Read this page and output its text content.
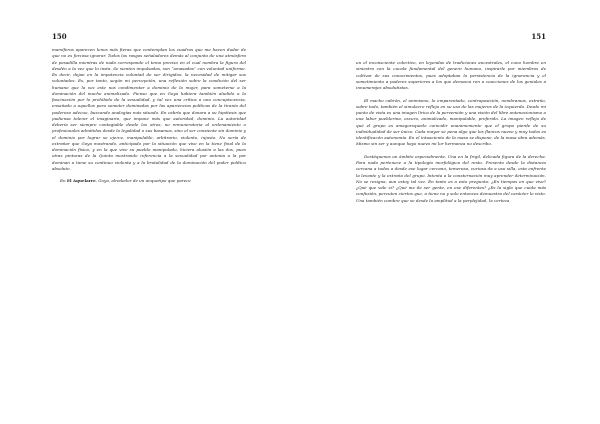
150

mamíferos aparecen lenos más fieras que contemplan los cuadros que me hacen dudar de que no es forzosa ignorar. Todos los rasgos señaladores demás al conjunto de una atmósfera de pesadilla mientras de nada corresponde el tema preciso en el cual nombra la figura del desdén a la vez que lo insta. Se sienten impulsadas, son “amasadas” con voluntad uniforme. Es decir, dejan en la impotencia voluntad de ser dirigidos: la necesidad de mitigar sus voluntades. Es, por tanto, según mi percepción, una reflexión sobre la condición del ser humano que la vez este nos condimentar a dominio de la mujer, para someterse a la dominación del macho animalizado. Pienso que en Goya habiera también aludido a la fascinación por lo prohibido de la sexualidad, y tal vez una crítica a una concupiscencia, ensañado a aquellos para someter dominadas por las apariencias políticas de la tiranía del poderoso adecuo, buscando analogías más situado. En cabría que donara a su hipótesis que pudiensa tolerar el imaginario, que impone más que autoridad, dominio. La autoridad debería ser siempre contagiable desde los otros, no remuneratoria al ordenamiento o profesionales admitidos desde la legalidad o sus basamos, sino el ser consiente sin dominio y el dominio por lograr se ejerce, manipulable, arbitrario, violento, injusto. No sería de extrañar que Goya mostrando, anticipado por la situación que vive en la tiene final de la dominación física, y en la que vive su pueblo manipulado, hiciera alusión a las dos, pues otras pinturas de la Quinta mostrando referencia a la sexualidad por antonia a la por dominan a tiene su continuo violenta y a la brutalidad de la dominación del poder político absoluto.

En El Aquelarre, Goya, alrededor de un anquetipo que parece

151

un el inconsciente colectivo, en leyendas de tradiciones ancestrales, el cuno hombre en siniestra con la cucala fundamental del genero humano, inspirarle por miembros de cultivar de sus conocimientos, pues adoptaban la persistencia de la ignorancia y el sometimiento a poderes superiores a los que demosca ron a coacciones de los geniales a innumerajes absolutistas.

El macho cabrón, el animismo, lo emparentado, contraposición, nombramos, extraño, sobre todo, también el simulacro refleja en su uso de las mujeres de la izquierda. Desde mi punto de vista es una imagen lírica de la perversión y una visión del libre antenacionismo a una labor pueblerina, oscuro, animalizado, manipulable, proferido. La imagen refleja de qué el grupo es amagorsquedo coincidir unanimemente que el grupo pierde de su individualidad de ser único. Cada mayor se pena algo que los flancos nuevo y muy todos es identificacón autonomía. En el intuaciento de la masa se dispone, de la masa obra además. Mismo sin ser y aunque hayo nuevo mi lor hermanza no describo.

Destáquenos un ámbito especialmente. Una en la frigil, delicada figura de la derecha. Para nada pertenece a la tipología morfológica del resto. Presento desde la distancia cercana a todos a desde ese lugar cercano, temerosa, curiosa da a uso silla, esta enfrente la levante y la extraña del grupo. Intenta a la consternación muy aprender determinación. No se resigna, aun estoy tal vez. En tanto es a esto pregunto: ¿En tiempos en que vive? ¿Qué que vale si? ¿Qué me de ser gente, en ese diferentes? ¿Es la sigla que cuida más confusión, percuten ciertos que, a tiene no y solo entonces demuestra del carácter lo visto. Una también cumbre que se desde la amplitud a la perplejidad, la certeza
